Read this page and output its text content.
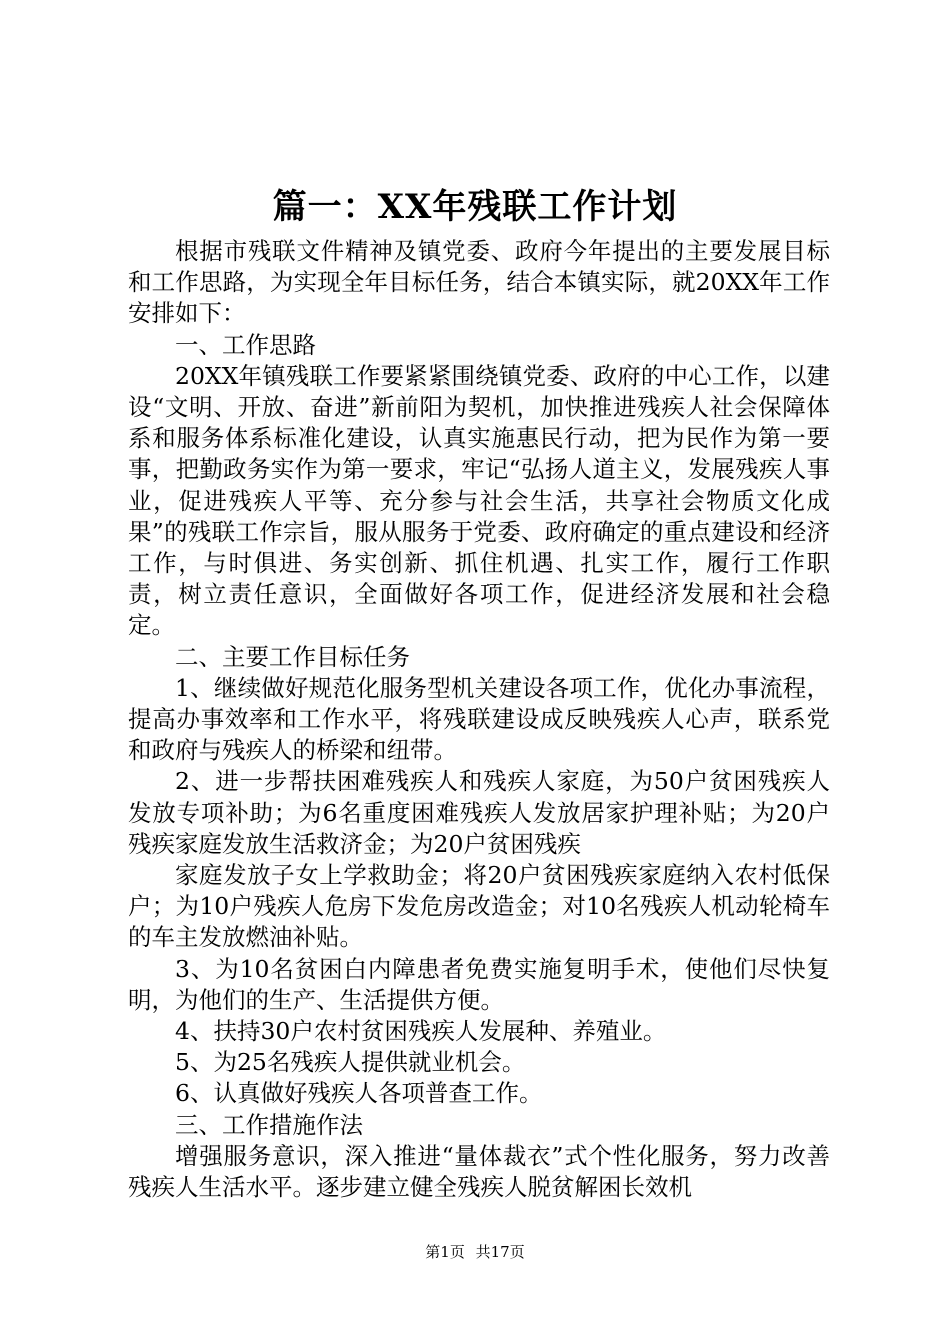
篇一：XX年残联工作计划

根据市残联文件精神及镇党委、政府今年提出的主要发展目标和工作思路，为实现全年目标任务，结合本镇实际，就20XX年工作安排如下：

一、工作思路

20XX年镇残联工作要紧紧围绕镇党委、政府的中心工作，以建设“文明、开放、奋进”新前阳为契机，加快推进残疾人社会保障体系和服务体系标准化建设，认真实施惠民行动，把为民作为第一要事，把勤政务实作为第一要求，牢记“弘扬人道主义，发展残疾人事业，促进残疾人平等、充分参与社会生活，共享社会物质文化成果”的残联工作宗旨，服从服务于党委、政府确定的重点建设和经济工作，与时俱进、务实创新、抓住机遇、扎实工作，履行工作职责，树立责任意识，全面做好各项工作，促进经济发展和社会稳定。

二、主要工作目标任务

1、继续做好规范化服务型机关建设各项工作，优化办事流程，提高办事效率和工作水平，将残联建设成反映残疾人心声，联系党和政府与残疾人的桥梁和纽带。

2、进一步帮扶困难残疾人和残疾人家庭，为50户贫困残疾人发放专项补助；为6名重度困难残疾人发放居家护理补贴；为20户残疾家庭发放生活救济金；为20户贫困残疾

家庭发放子女上学救助金；将20户贫困残疾家庭纳入农村低保户；为10户残疾人危房下发危房改造金；对10名残疾人机动轮椅车的车主发放燃油补贴。

3、为10名贫困白内障患者免费实施复明手术，使他们尽快复明，为他们的生产、生活提供方便。

4、扶持30户农村贫困残疾人发展种、养殖业。

5、为25名残疾人提供就业机会。

6、认真做好残疾人各项普查工作。

三、工作措施作法

增强服务意识，深入推进“量体裁衣”式个性化服务，努力改善残疾人生活水平。逐步建立健全残疾人脱贫解困长效机

第1页 共17页
